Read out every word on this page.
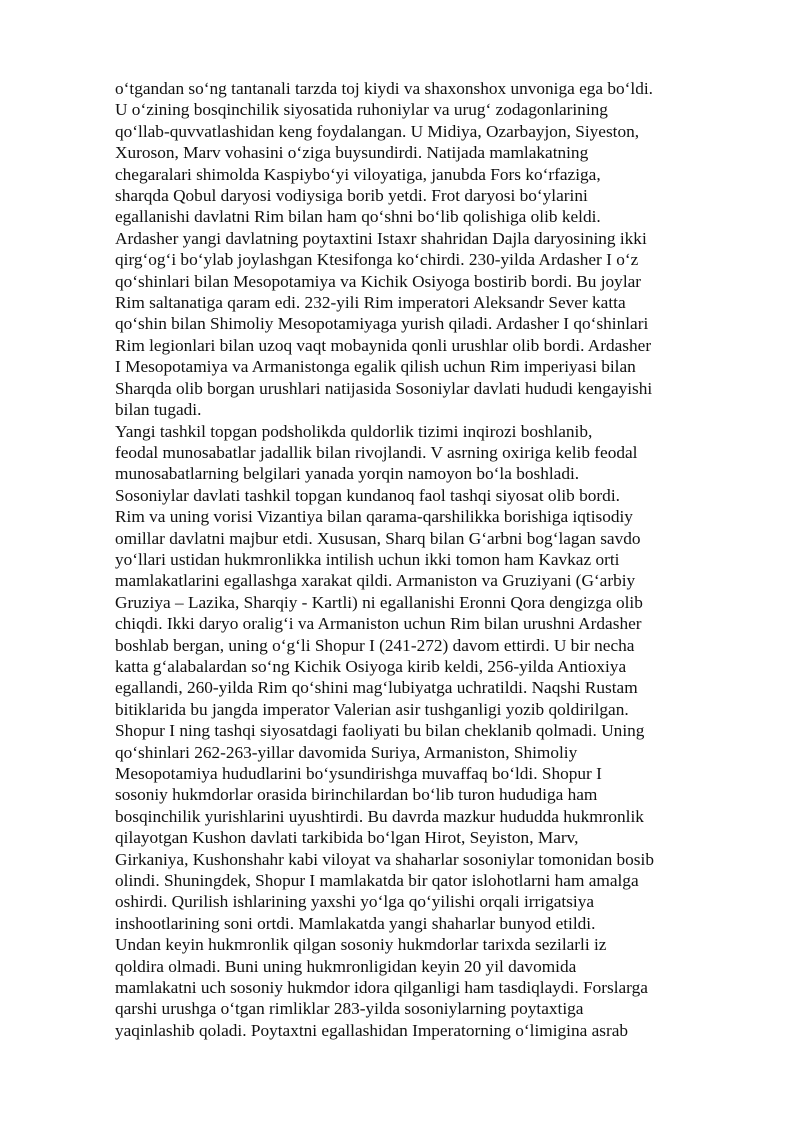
o‘tgandan so‘ng tantanali tarzda toj kiydi va shaxonshox unvoniga ega bo‘ldi.
U o‘zining bosqinchilik siyosatida ruhoniylar va urug‘ zodagonlarining
qo‘llab-quvvatlashidan keng foydalangan. U Midiya, Ozarbayjon, Siyeston,
Xuroson, Marv vohasini o‘ziga buysundirdi. Natijada mamlakatning
chegaralari shimolda Kaspiybo‘yi viloyatiga, janubda Fors ko‘rfaziga,
sharqda Qobul daryosi vodiysiga borib yetdi. Frot daryosi bo‘ylarini
egallanishi davlatni Rim bilan ham qo‘shni bo‘lib qolishiga olib keldi.
Ardasher yangi davlatning poytaxtini Istaxr shahridan Dajla daryosining ikki
qirg‘og‘i bo‘ylab joylashgan Ktesifonga ko‘chirdi. 230-yilda Ardasher I o‘z
qo‘shinlari bilan Mesopotamiya va Kichik Osiyoga bostirib bordi. Bu joylar
Rim saltanatiga qaram edi. 232-yili Rim imperatori Aleksandr Sever katta
qo‘shin bilan Shimoliy Mesopotamiyaga yurish qiladi. Ardasher I qo‘shinlari
Rim legionlari bilan uzoq vaqt mobaynida qonli urushlar olib bordi. Ardasher
I Mesopotamiya va Armanistonga egalik qilish uchun Rim imperiyasi bilan
Sharqda olib borgan urushlari natijasida Sosoniylar davlati hududi kengayishi
bilan tugadi.
Yangi tashkil topgan podsholikda quldorlik tizimi inqirozi boshlanib,
feodal munosabatlar jadallik bilan rivojlandi. V asrning oxiriga kelib feodal
munosabatlarning belgilari yanada yorqin namoyon bo‘la boshladi.
Sosoniylar davlati tashkil topgan kundanoq faol tashqi siyosat olib bordi.
Rim va uning vorisi Vizantiya bilan qarama-qarshilikka borishiga iqtisodiy
omillar davlatni majbur etdi. Xususan, Sharq bilan G‘arbni bog‘lagan savdo
yo‘llari ustidan hukmronlikka intilish uchun ikki tomon ham Kavkaz orti
mamlakatlarini egallashga xarakat qildi. Armaniston va Gruziyani (G‘arbiy
Gruziya – Lazika, Sharqiy - Kartli) ni egallanishi Eronni Qora dengizga olib
chiqdi. Ikki daryo oralig‘i va Armaniston uchun Rim bilan urushni Ardasher
boshlab bergan, uning o‘g‘li Shopur I (241-272) davom ettirdi. U bir necha
katta g‘alabalardan so‘ng Kichik Osiyoga kirib keldi, 256-yilda Antioxiya
egallandi, 260-yilda Rim qo‘shini mag‘lubiyatga uchratildi. Naqshi Rustam
bitiklarida bu jangda imperator Valerian asir tushganligi yozib qoldirilgan.
Shopur I ning tashqi siyosatdagi faoliyati bu bilan cheklanib qolmadi. Uning
qo‘shinlari 262-263-yillar davomida Suriya, Armaniston, Shimoliy
Mesopotamiya hududlarini bo‘ysundirishga muvaffaq bo‘ldi. Shopur I
sosoniy hukmdorlar orasida birinchilardan bo‘lib turon hududiga ham
bosqinchilik yurishlarini uyushtirdi. Bu davrda mazkur hududda hukmronlik
qilayotgan Kushon davlati tarkibida bo‘lgan Hirot, Seyiston, Marv,
Girkaniya, Kushonshahr kabi viloyat va shaharlar sosoniylar tomonidan bosib
olindi. Shuningdek, Shopur I mamlakatda bir qator islohotlarni ham amalga
oshirdi. Qurilish ishlarining yaxshi yo‘lga qo‘yilishi orqali irrigatsiya
inshootlarining soni ortdi. Mamlakatda yangi shaharlar bunyod etildi.
Undan keyin hukmronlik qilgan sosoniy hukmdorlar tarixda sezilarli iz
qoldira olmadi. Buni uning hukmronligidan keyin 20 yil davomida
mamlakatni uch sosoniy hukmdor idora qilganligi ham tasdiqlaydi. Forslarga
qarshi urushga o‘tgan rimliklar 283-yilda sosoniylarning poytaxtiga
yaqinlashib qoladi. Poytaxtni egallashidan Imperatorning o‘limigina asrab
